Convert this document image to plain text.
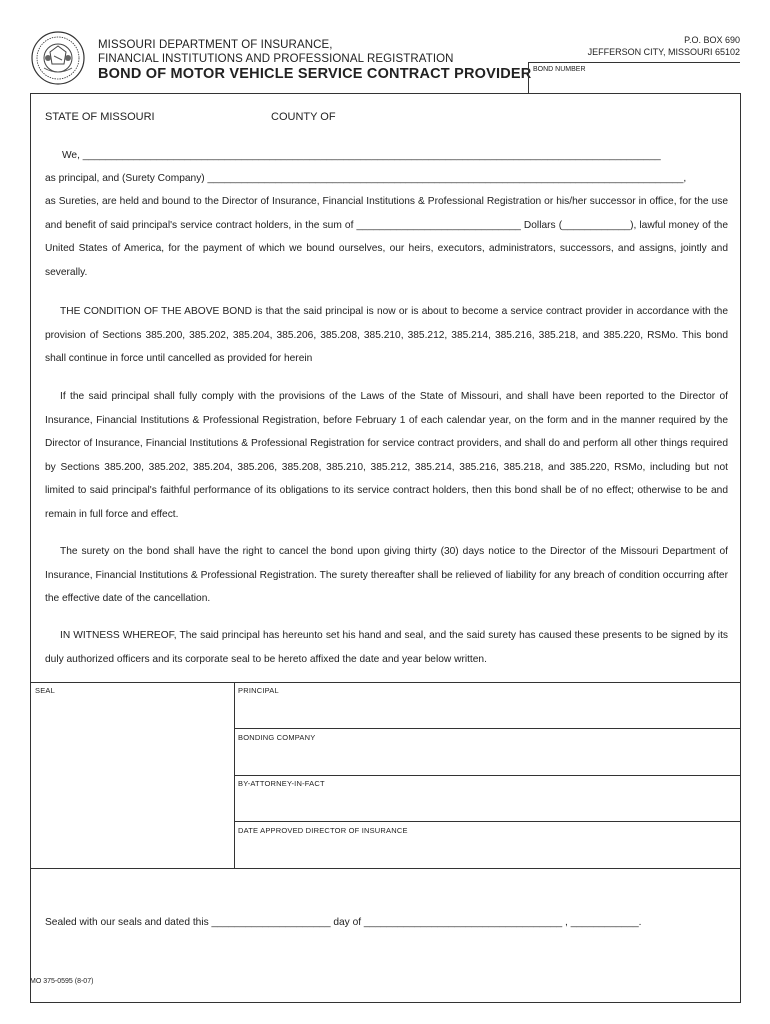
MISSOURI DEPARTMENT OF INSURANCE,
FINANCIAL INSTITUTIONS AND PROFESSIONAL REGISTRATION
BOND OF MOTOR VEHICLE SERVICE CONTRACT PROVIDER
P.O. BOX 690
JEFFERSON CITY, MISSOURI 65102
BOND NUMBER
STATE OF MISSOURI	COUNTY OF
We, ______________________________________________________________________________________________________
as principal, and (Surety Company) ____________________________________________________________________________________,
as Sureties, are held and bound to the Director of Insurance, Financial Institutions & Professional Registration or his/her successor in office, for the use and benefit of said principal's service contract holders, in the sum of _____________________________ Dollars (____________), lawful money of the United States of America, for the payment of which we bound ourselves, our heirs, executors, administrators, successors, and assigns, jointly and severally.
THE CONDITION OF THE ABOVE BOND is that the said principal is now or is about to become a service contract provider in accordance with the provision of Sections 385.200, 385.202, 385.204, 385.206, 385.208, 385.210, 385.212, 385.214, 385.216, 385.218, and 385.220, RSMo. This bond shall continue in force until cancelled as provided for herein
If the said principal shall fully comply with the provisions of the Laws of the State of Missouri, and shall have been reported to the Director of Insurance, Financial Institutions & Professional Registration, before February 1 of each calendar year, on the form and in the manner required by the Director of Insurance, Financial Institutions & Professional Registration for service contract providers, and shall do and perform all other things required by Sections 385.200, 385.202, 385.204, 385.206, 385.208, 385.210, 385.212, 385.214, 385.216, 385.218, and 385.220, RSMo, including but not limited to said principal's faithful performance of its obligations to its service contract holders, then this bond shall be of no effect; otherwise to be and remain in full force and effect.
The surety on the bond shall have the right to cancel the bond upon giving thirty (30) days notice to the Director of the Missouri Department of Insurance, Financial Institutions & Professional Registration. The surety thereafter shall be relieved of liability for any breach of condition occurring after the effective date of the cancellation.
IN WITNESS WHEREOF, The said principal has hereunto set his hand and seal, and the said surety has caused these presents to be signed by its duly authorized officers and its corporate seal to be hereto affixed the date and year below written.
SEAL	PRINCIPAL
BONDING COMPANY
BY-ATTORNEY-IN-FACT
DATE APPROVED DIRECTOR OF INSURANCE
Sealed with our seals and dated this _____________________ day of ___________________________________ , ____________.
MO 375-0595 (8-07)
